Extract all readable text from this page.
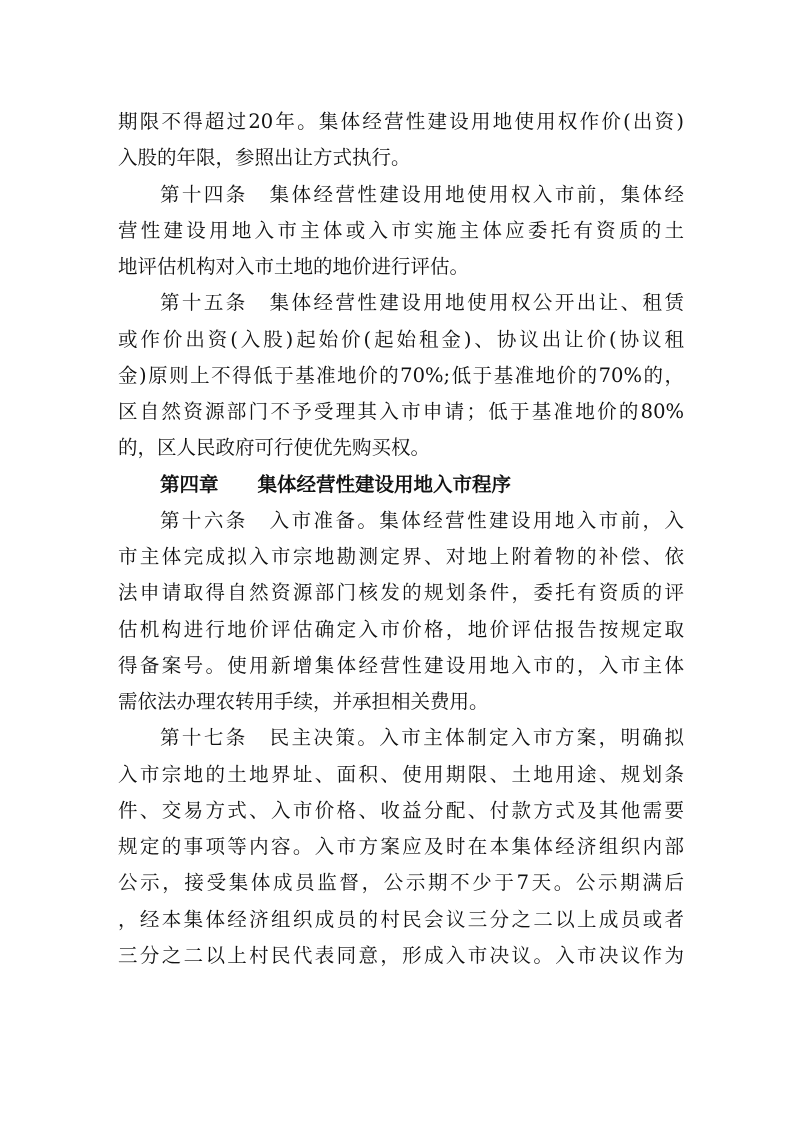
期限不得超过20年。集体经营性建设用地使用权作价(出资)
入股的年限，参照出让方式执行。
第十四条　集体经营性建设用地使用权入市前，集体经
营性建设用地入市主体或入市实施主体应委托有资质的土
地评估机构对入市土地的地价进行评估。
第十五条　集体经营性建设用地使用权公开出让、租赁
或作价出资(入股)起始价(起始租金)、协议出让价(协议租
金)原则上不得低于基准地价的70%;低于基准地价的70%的，
区自然资源部门不予受理其入市申请；低于基准地价的80%
的，区人民政府可行使优先购买权。
第四章　　集体经营性建设用地入市程序
第十六条　入市准备。集体经营性建设用地入市前，入
市主体完成拟入市宗地勘测定界、对地上附着物的补偿、依
法申请取得自然资源部门核发的规划条件，委托有资质的评
估机构进行地价评估确定入市价格，地价评估报告按规定取
得备案号。使用新增集体经营性建设用地入市的，入市主体
需依法办理农转用手续，并承担相关费用。
第十七条　民主决策。入市主体制定入市方案，明确拟
入市宗地的土地界址、面积、使用期限、土地用途、规划条
件、交易方式、入市价格、收益分配、付款方式及其他需要
规定的事项等内容。入市方案应及时在本集体经济组织内部
公示，接受集体成员监督，公示期不少于7天。公示期满后
，经本集体经济组织成员的村民会议三分之二以上成员或者
三分之二以上村民代表同意，形成入市决议。入市决议作为
